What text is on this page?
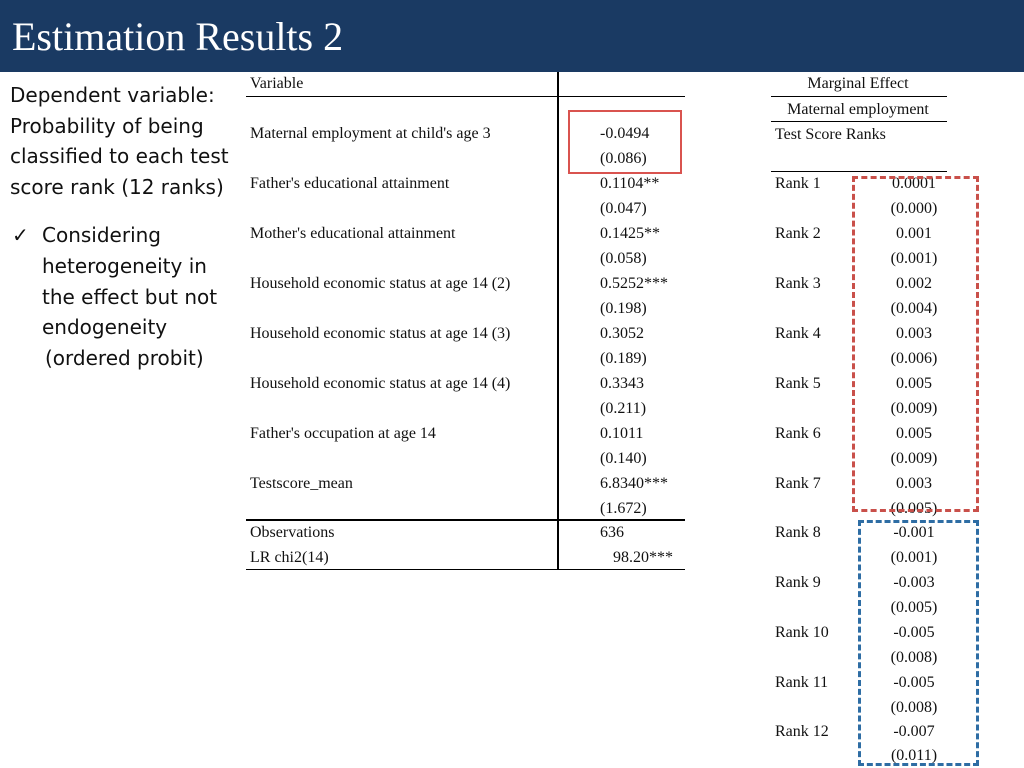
Estimation Results 2

Dependent variable: Probability of being classified to each test score rank (12 ranks)

✓ Considering heterogeneity in the effect but not endogeneity
(ordered probit)
Variable
Maternal employment at child's age 3	-0.0494
(0.086)
Father's educational attainment	0.1104**
(0.047)
Mother's educational attainment	0.1425**
(0.058)
Household economic status at age 14 (2)	0.5252***
(0.198)
Household economic status at age 14 (3)	0.3052
(0.189)
Household economic status at age 14 (4)	0.3343
(0.211)
Father's occupation at age 14	0.1011
(0.140)
Testscore_mean	6.8340***
(1.672)
Observations	636
LR chi2(14)	98.20***
Marginal Effect
Maternal employment
Test Score Ranks
Rank 1	0.0001
(0.000)
Rank 2	0.001
(0.001)
Rank 3	0.002
(0.004)
Rank 4	0.003
(0.006)
Rank 5	0.005
(0.009)
Rank 6	0.005
(0.009)
Rank 7	0.003
(0.005)
Rank 8	-0.001
(0.001)
Rank 9	-0.003
(0.005)
Rank 10	-0.005
(0.008)
Rank 11	-0.005
(0.008)
Rank 12	-0.007
(0.011)
